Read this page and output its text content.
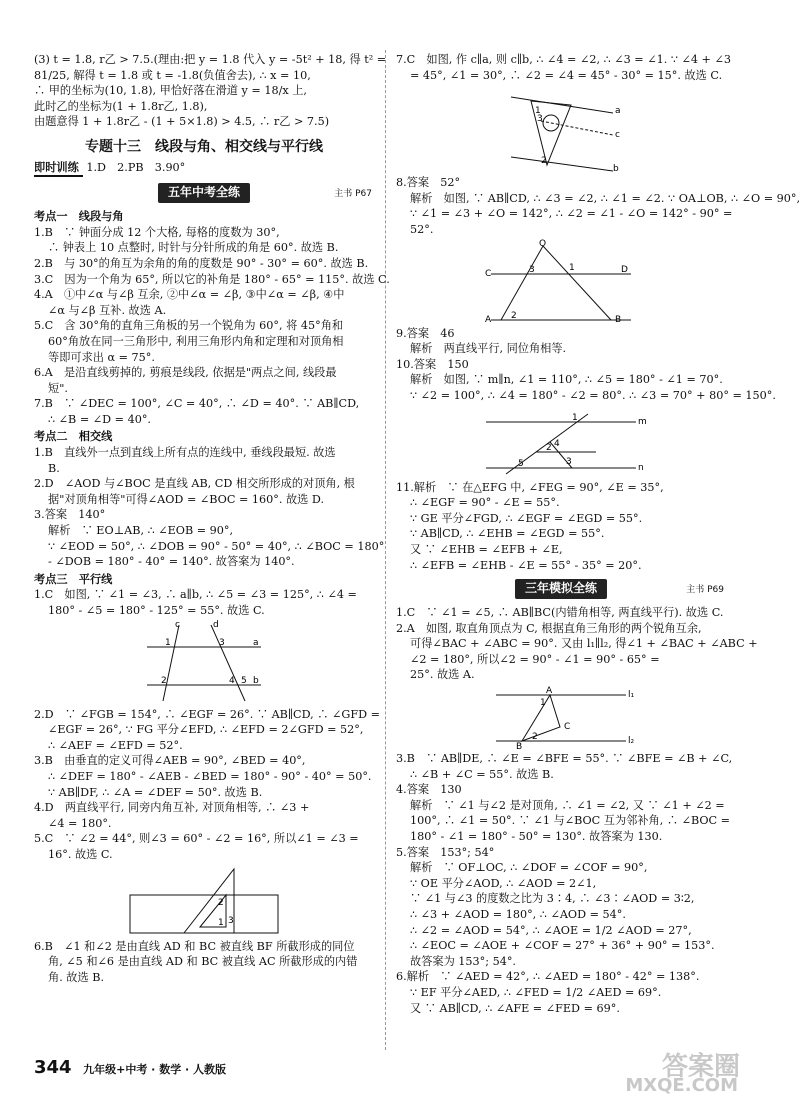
(3) t = 1.8, r乙 > 7.5.(理由:把 y = 1.8 代入 y = -5t² + 18, 得 t² =
81/25, 解得 t = 1.8 或 t = -1.8(负值舍去), ∴ x = 10,
∴ 甲的坐标为(10, 1.8), 甲恰好落在滑道 y = 18/x 上,
此时乙的坐标为(1 + 1.8r乙, 1.8),
由题意得 1 + 1.8r乙 - (1 + 5×1.8) > 4.5, ∴ r乙 > 7.5)
专题十三　线段与角、相交线与平行线
即时训练 1.D　2.PB　3.90°
五年中考全练	主书 P67
考点一　线段与角
1.B　∵ 钟面分成 12 个大格, 每格的度数为 30°,
∴ 钟表上 10 点整时, 时针与分针所成的角是 60°. 故选 B.
2.B　与 30°的角互为余角的角的度数是 90° - 30° = 60°. 故选 B.
3.C　因为一个角为 65°, 所以它的补角是 180° - 65° = 115°. 故选 C.
4.A　①中∠α 与∠β 互余, ②中∠α = ∠β, ③中∠α = ∠β, ④中
∠α 与∠β 互补. 故选 A.
5.C　含 30°角的直角三角板的另一个锐角为 60°, 将 45°角和
60°角放在同一三角形中, 利用三角形内角和定理和对顶角相
等即可求出 α = 75°.
6.A　是沿直线剪掉的, 剪痕是线段, 依据是"两点之间, 线段最
短".
7.B　∵ ∠DEC = 100°, ∠C = 40°, ∴ ∠D = 40°. ∵ AB∥CD,
∴ ∠B = ∠D = 40°.
考点二　相交线
1.B　直线外一点到直线上所有点的连线中, 垂线段最短. 故选
B.
2.D　∠AOD 与∠BOC 是直线 AB, CD 相交所形成的对顶角, 根
据"对顶角相等"可得∠AOD = ∠BOC = 160°. 故选 D.
3.答案　140°
解析　∵ EO⊥AB, ∴ ∠EOB = 90°,
∵ ∠EOD = 50°, ∴ ∠DOB = 90° - 50° = 40°, ∴ ∠BOC = 180°
- ∠DOB = 180° - 40° = 140°. 故答案为 140°.
考点三　平行线
1.C　如图, ∵ ∠1 = ∠3, ∴ a∥b, ∴ ∠5 = ∠3 = 125°, ∴ ∠4 =
180° - ∠5 = 180° - 125° = 55°. 故选 C.
c	d
a
b
1
2
3
4 5
2.D　∵ ∠FGB = 154°, ∴ ∠EGF = 26°. ∵ AB∥CD, ∴ ∠GFD =
∠EGF = 26°, ∵ FG 平分∠EFD, ∴ ∠EFD = 2∠GFD = 52°,
∴ ∠AEF = ∠EFD = 52°.
3.B　由垂直的定义可得∠AEB = 90°, ∠BED = 40°,
∴ ∠DEF = 180° - ∠AEB - ∠BED = 180° - 90° - 40° = 50°.
∵ AB∥DF, ∴ ∠A = ∠DEF = 50°. 故选 B.
4.D　两直线平行, 同旁内角互补, 对顶角相等, ∴ ∠3 +
∠4 = 180°.
5.C　∵ ∠2 = 44°, 则∠3 = 60° - ∠2 = 16°, 所以∠1 = ∠3 =
16°. 故选 C.
1
2
3
6.B　∠1 和∠2 是由直线 AD 和 BC 被直线 BF 所截形成的同位
角, ∠5 和∠6 是由直线 AD 和 BC 被直线 AC 所截形成的内错
角. 故选 B.
7.C　如图, 作 c∥a, 则 c∥b, ∴ ∠4 = ∠2, ∴ ∠3 = ∠1. ∵ ∠4 + ∠3
= 45°, ∠1 = 30°, ∴ ∠2 = ∠4 = 45° - 30° = 15°. 故选 C.
a
c
b
1
2
3
8.答案　52°
解析　如图, ∵ AB∥CD, ∴ ∠3 = ∠2, ∴ ∠1 = ∠2. ∵ OA⊥OB, ∴ ∠O = 90°,
∵ ∠1 = ∠3 + ∠O = 142°, ∴ ∠2 = ∠1 - ∠O = 142° - 90° =
52°.
O
C	D
A	B
3	1
2
9.答案　46
解析　两直线平行, 同位角相等.
10.答案　150
解析　如图, ∵ m∥n, ∠1 = 110°, ∴ ∠5 = 180° - ∠1 = 70°.
∵ ∠2 = 100°, ∴ ∠4 = 180° - ∠2 = 80°. ∴ ∠3 = 70° + 80° = 150°.
m
n
1
2
3
4
5
11.解析　∵ 在△EFG 中, ∠FEG = 90°, ∠E = 35°,
∴ ∠EGF = 90° - ∠E = 55°.
∵ GE 平分∠FGD, ∴ ∠EGF = ∠EGD = 55°.
∵ AB∥CD, ∴ ∠EHB = ∠EGD = 55°.
又 ∵ ∠EHB = ∠EFB + ∠E,
∴ ∠EFB = ∠EHB - ∠E = 55° - 35° = 20°.
三年模拟全练	主书 P69
1.C　∵ ∠1 = ∠5, ∴ AB∥BC(内错角相等, 两直线平行). 故选 C.
2.A　如图, 取直角顶点为 C, 根据直角三角形的两个锐角互余,
可得∠BAC + ∠ABC = 90°. 又由 l₁∥l₂, 得∠1 + ∠BAC + ∠ABC +
∠2 = 180°, 所以∠2 = 90° - ∠1 = 90° - 65° =
25°. 故选 A.
A
C
B
l₁
l₂
1
2
3.B　∵ AB∥DE, ∴ ∠E = ∠BFE = 55°. ∵ ∠BFE = ∠B + ∠C,
∴ ∠B + ∠C = 55°. 故选 B.
4.答案　130
解析　∵ ∠1 与∠2 是对顶角, ∴ ∠1 = ∠2, 又 ∵ ∠1 + ∠2 =
100°, ∴ ∠1 = 50°. ∵ ∠1 与∠BOC 互为邻补角, ∴ ∠BOC =
180° - ∠1 = 180° - 50° = 130°. 故答案为 130.
5.答案　153°; 54°
解析　∵ OF⊥OC, ∴ ∠DOF = ∠COF = 90°,
∵ OE 平分∠AOD, ∴ ∠AOD = 2∠1,
∵ ∠1 与∠3 的度数之比为 3∶4, ∴ ∠3∶∠AOD = 3∶2,
∴ ∠3 + ∠AOD = 180°, ∴ ∠AOD = 54°.
∴ ∠2 = ∠AOD = 54°, ∴ ∠AOE = 1/2 ∠AOD = 27°,
∴ ∠EOC = ∠AOE + ∠COF = 27° + 36° + 90° = 153°.
故答案为 153°; 54°.
6.解析　∵ ∠AED = 42°, ∴ ∠AED = 180° - 42° = 138°.
∵ EF 平分∠AED, ∴ ∠FED = 1/2 ∠AED = 69°.
又 ∵ AB∥CD, ∴ ∠AFE = ∠FED = 69°.
344 九年级+中考 · 数学 · 人教版	答案圈
MXQE.COM
